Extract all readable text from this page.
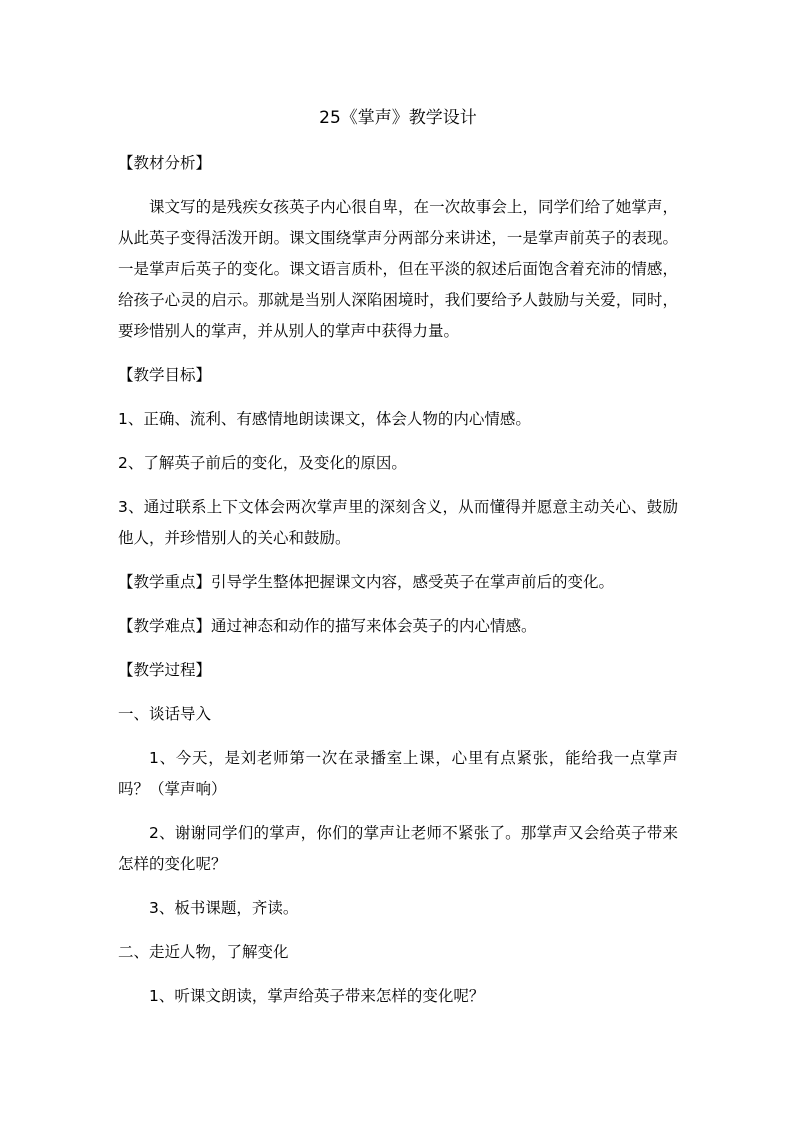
25《掌声》教学设计
【教材分析】
课文写的是残疾女孩英子内心很自卑，在一次故事会上，同学们给了她掌声，从此英子变得活泼开朗。课文围绕掌声分两部分来讲述，一是掌声前英子的表现。一是掌声后英子的变化。课文语言质朴，但在平淡的叙述后面饱含着充沛的情感，给孩子心灵的启示。那就是当别人深陷困境时，我们要给予人鼓励与关爱，同时，要珍惜别人的掌声，并从别人的掌声中获得力量。
【教学目标】
1、正确、流利、有感情地朗读课文，体会人物的内心情感。
2、了解英子前后的变化，及变化的原因。
3、通过联系上下文体会两次掌声里的深刻含义，从而懂得并愿意主动关心、鼓励他人，并珍惜别人的关心和鼓励。
【教学重点】引导学生整体把握课文内容，感受英子在掌声前后的变化。
【教学难点】通过神态和动作的描写来体会英子的内心情感。
【教学过程】
一、谈话导入
1、今天，是刘老师第一次在录播室上课，心里有点紧张，能给我一点掌声吗？（掌声响）
2、谢谢同学们的掌声，你们的掌声让老师不紧张了。那掌声又会给英子带来怎样的变化呢？
3、板书课题，齐读。
二、走近人物，了解变化
1、听课文朗读，掌声给英子带来怎样的变化呢？
